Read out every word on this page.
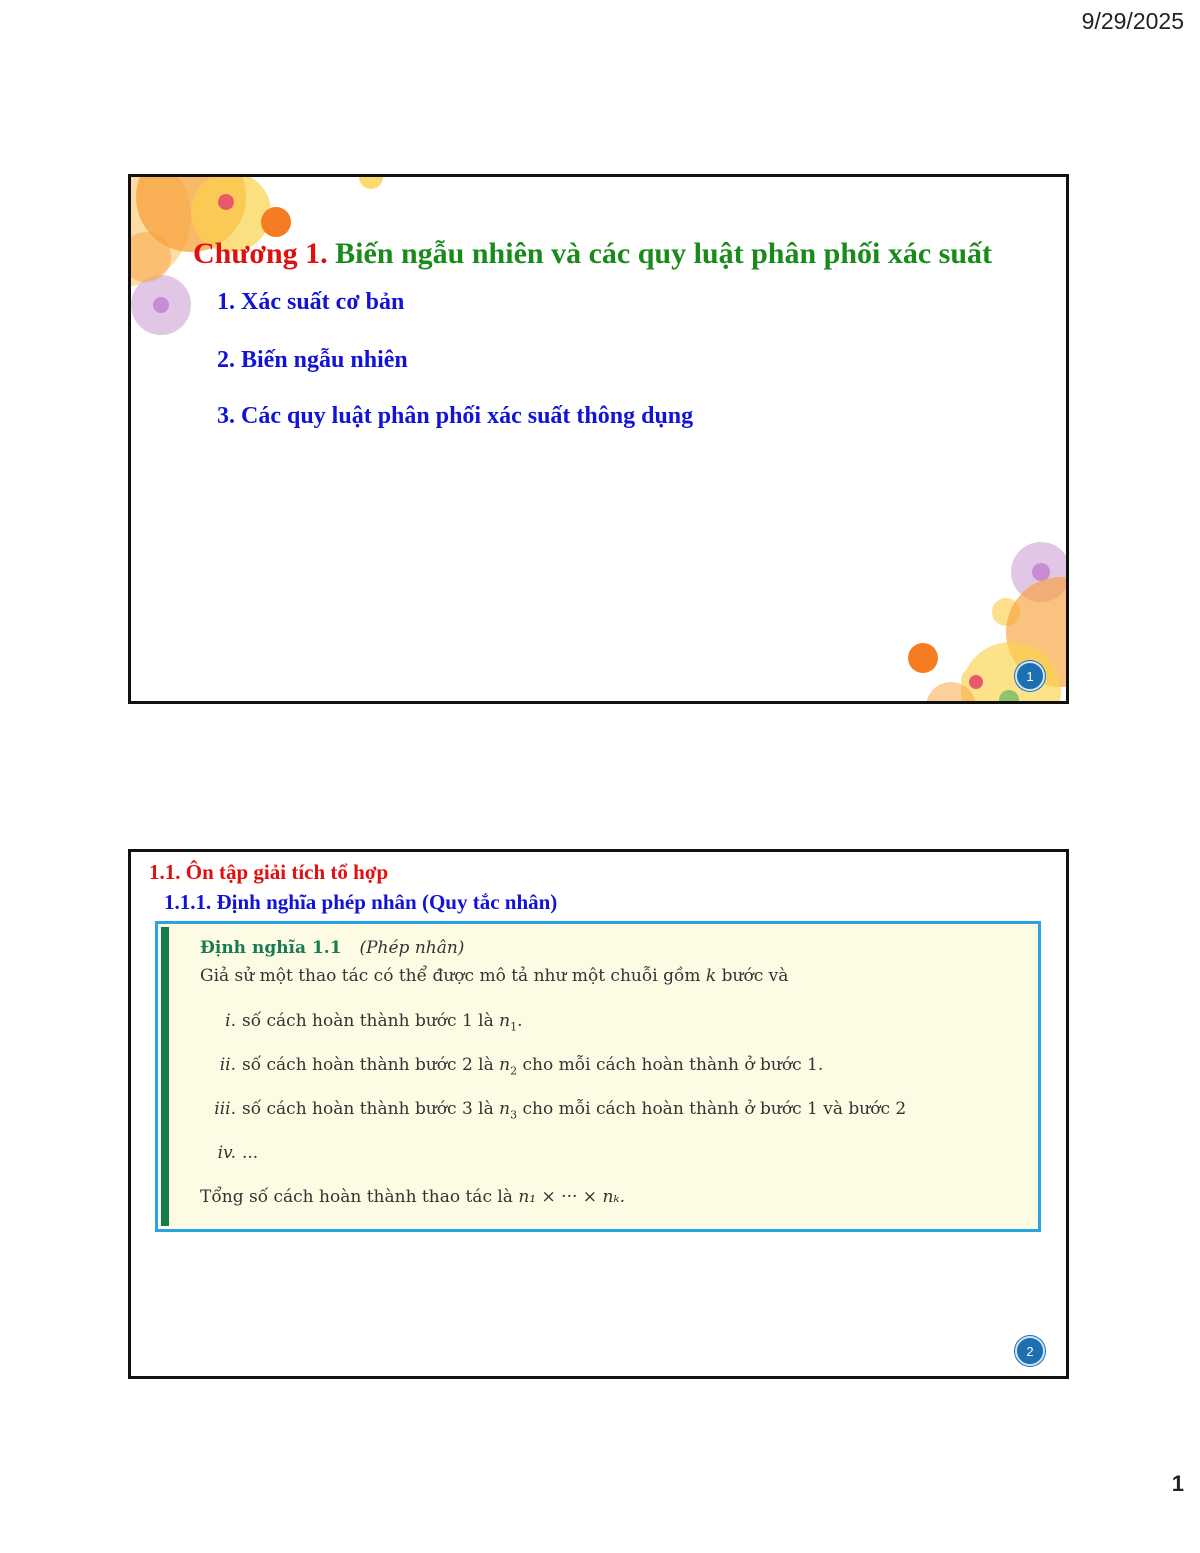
9/29/2025
Chương 1. Biến ngẫu nhiên và các quy luật phân phối xác suất
1. Xác suất cơ bản
2. Biến ngẫu nhiên
3. Các quy luật phân phối xác suất thông dụng
1
1.1. Ôn tập giải tích tổ hợp
1.1.1. Định nghĩa phép nhân (Quy tắc nhân)
Định nghĩa 1.1 (Phép nhân)
Giả sử một thao tác có thể được mô tả như một chuỗi gồm k bước và
i. số cách hoàn thành bước 1 là $n_1$.
ii. số cách hoàn thành bước 2 là $n_2$ cho mỗi cách hoàn thành ở bước 1.
iii. số cách hoàn thành bước 3 là $n_3$ cho mỗi cách hoàn thành ở bước 1 và bước 2
iv. ...
Tổng số cách hoàn thành thao tác là n₁ × ··· × nₖ.
2
1
